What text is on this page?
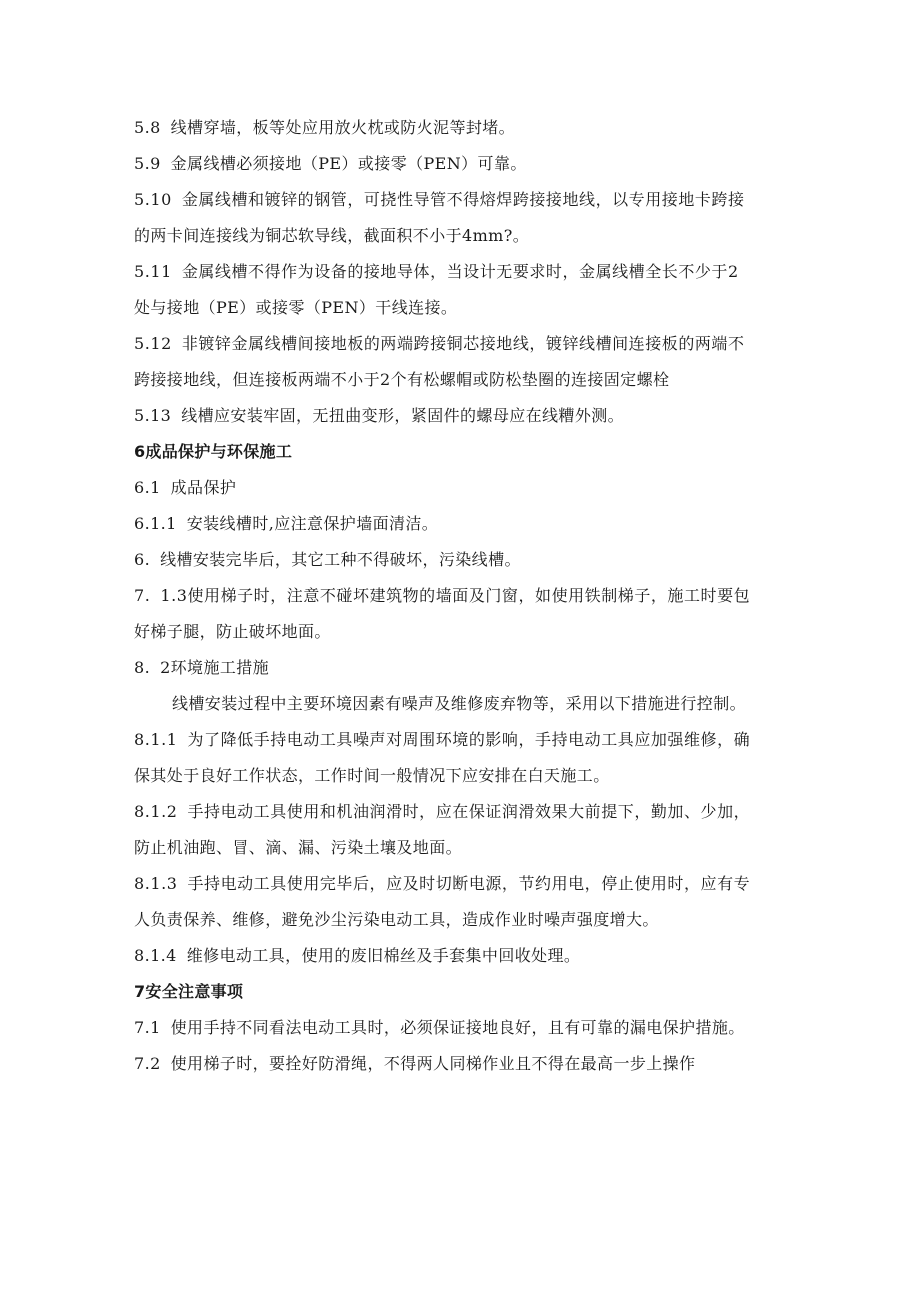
5.8 线槽穿墙，板等处应用放火枕或防火泥等封堵。
5.9 金属线槽必须接地（PE）或接零（PEN）可靠。
5.10 金属线槽和镀锌的钢管，可挠性导管不得熔焊跨接接地线，以专用接地卡跨接
的两卡间连接线为铜芯软导线，截面积不小于4mm?。
5.11 金属线槽不得作为设备的接地导体，当设计无要求时，金属线槽全长不少于2
处与接地（PE）或接零（PEN）干线连接。
5.12 非镀锌金属线槽间接地板的两端跨接铜芯接地线，镀锌线槽间连接板的两端不
跨接接地线，但连接板两端不小于2个有松螺帽或防松垫圈的连接固定螺栓
5.13 线槽应安装牢固，无扭曲变形，紧固件的螺母应在线糟外测。
6成品保护与环保施工
6.1 成品保护
6.1.1 安装线槽时,应注意保护墙面清洁。
6. 线槽安装完毕后，其它工种不得破坏，污染线槽。
7. 1.3使用梯子时，注意不碰坏建筑物的墙面及门窗，如使用铁制梯子，施工时要包
好梯子腿，防止破坏地面。
8. 2环境施工措施
线槽安装过程中主要环境因素有噪声及维修废弃物等，采用以下措施进行控制。
8.1.1 为了降低手持电动工具噪声对周围环境的影响，手持电动工具应加强维修，确
保其处于良好工作状态，工作时间一般情况下应安排在白天施工。
8.1.2 手持电动工具使用和机油润滑时，应在保证润滑效果大前提下，勤加、少加，
防止机油跑、冒、滴、漏、污染土壤及地面。
8.1.3 手持电动工具使用完毕后，应及时切断电源，节约用电，停止使用时，应有专
人负责保养、维修，避免沙尘污染电动工具，造成作业时噪声强度增大。
8.1.4 维修电动工具，使用的废旧棉丝及手套集中回收处理。
7安全注意事项
7.1 使用手持不同看法电动工具时，必须保证接地良好，且有可靠的漏电保护措施。
7.2 使用梯子时，要拴好防滑绳，不得两人同梯作业且不得在最高一步上操作
